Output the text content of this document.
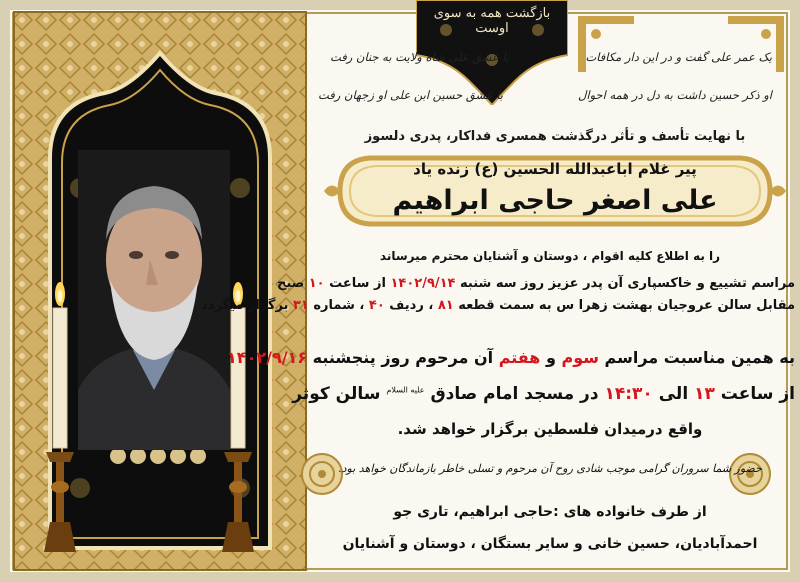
بازگشت همه به سوی اوست
یک عمر علی گفت و در این دار مکافات
او ذکر حسین داشت به دل در همه احوال
با عشق علی شاه ولایت به جنان رفت
با عشق حسین ابن علی او زجهان رفت
با نهایت تأسف و تأثر درگذشت همسری فداکار، پدری دلسوز
پیر غلام اباعبدالله الحسین (ع) زنده یاد
علی اصغر حاجی ابراهیم
را به اطلاع کلیه اقوام ، دوستان و آشنایان محترم میرساند
مراسم تشییع و خاکسپاری آن پدر عزیز روز سه شنبه ۱۴۰۲/۹/۱۴ از ساعت ۱۰ صبح
مقابل سالن عروجیان بهشت زهرا س به سمت قطعه ۸۱ ، ردیف ۴۰ ، شماره ۳۱ برگزار میگردد
به همین مناسبت مراسم سوم و هفتم آن مرحوم روز پنجشنبه ۱۴۰۲/۹/۱۶
از ساعت ۱۳ الی ۱۴:۳۰ در مسجد امام صادق $^{علیه السلام}$ سالن کوثر
واقع درمیدان فلسطین برگزار خواهد شد.
حضور شما سروران گرامی موجب شادی روح آن مرحوم و تسلی خاطر بازماندگان خواهد بود.
از طرف خانواده های :حاجی ابراهیم، تاری جو
احمدآبادیان، حسین خانی و سایر بستگان ، دوستان و آشنایان
